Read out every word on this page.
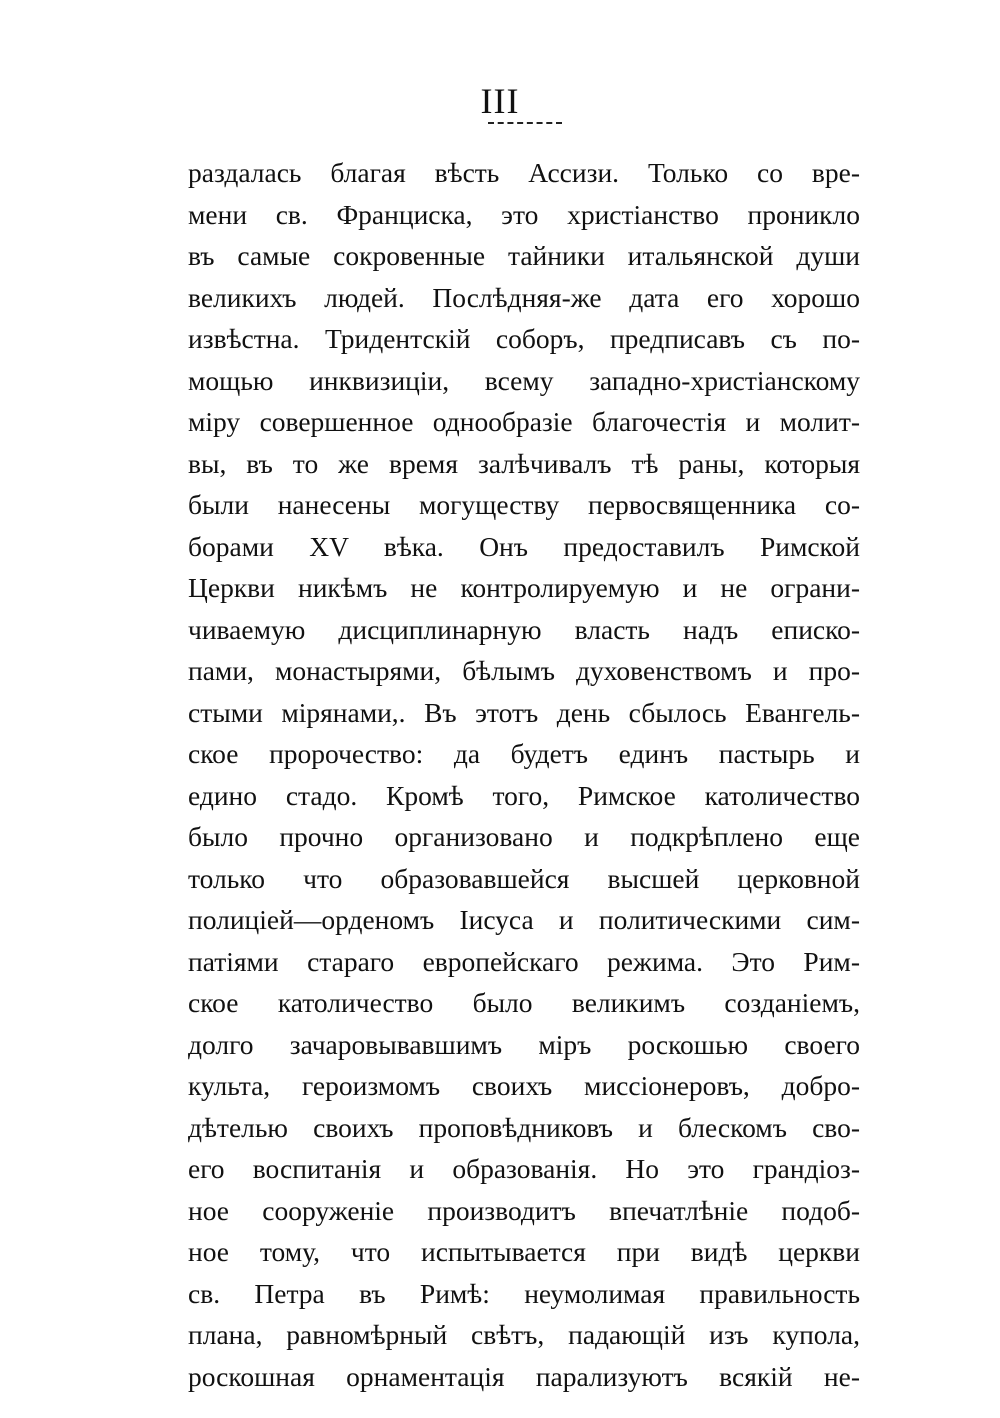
III
раздалась благая вѣсть Ассизи. Только со вре-
мени св. Франциска, это христіанство проникло
въ самые сокровенные тайники итальянской души
великихъ людей. Послѣдняя-же дата его хорошо
извѣстна. Тридентскій соборъ, предписавъ съ по-
мощью инквизиціи, всему западно-христіанскому
міру совершенное однообразіе благочестія и молит-
вы, въ то же время залѣчивалъ тѣ раны, которыя
были нанесены могуществу первосвященника со-
борами XV вѣка. Онъ предоставилъ Римской
Церкви никѣмъ не контролируемую и не ограни-
чиваемую дисциплинарную власть надъ еписко-
пами, монастырями, бѣлымъ духовенствомъ и про-
стыми мірянами,. Въ этотъ день сбылось Евангель-
ское пророчество: да будетъ единъ пастырь и
едино стадо. Кромѣ того, Римское католичество
было прочно организовано и подкрѣплено еще
только что образовавшейся высшей церковной
полиціей—орденомъ Іисуса и политическими сим-
патіями стараго европейскаго режима. Это Рим-
ское католичество было великимъ созданіемъ,
долго зачаровывавшимъ міръ роскошью своего
культа, героизмомъ своихъ миссіонеровъ, добро-
дѣтелью своихъ проповѣдниковъ и блескомъ сво-
его воспитанія и образованія. Но это грандіоз-
ное сооруженіе производитъ впечатлѣніе подоб-
ное тому, что испытывается при видѣ церкви
св. Петра въ Римѣ: неумолимая правильность
плана, равномѣрный свѣтъ, падающій изъ купола,
роскошная орнаментація парализуютъ всякій не-
